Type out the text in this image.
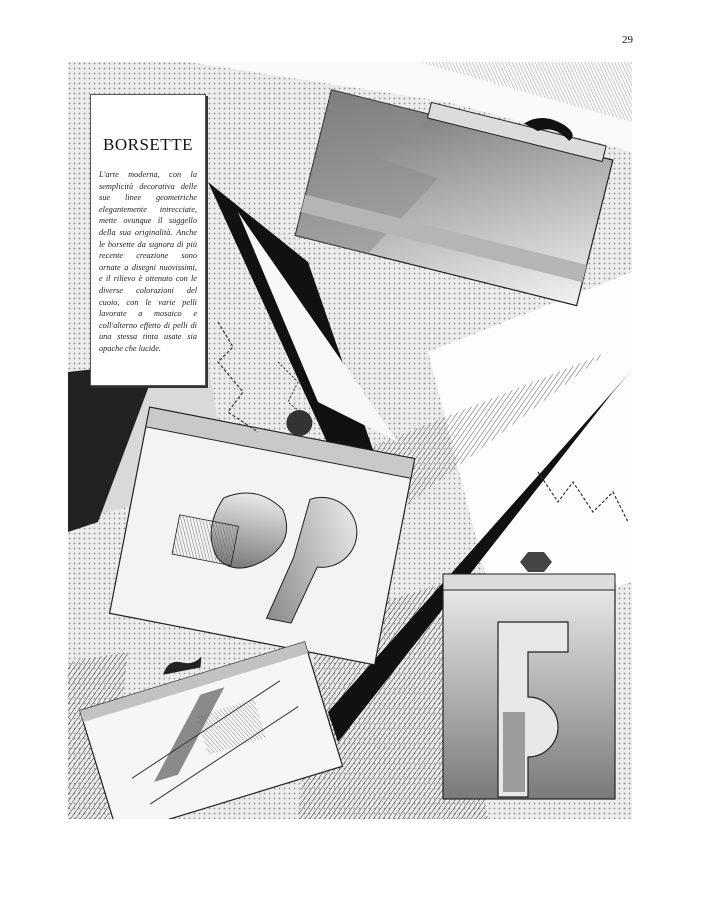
29
BORSETTE
L'arte moderna, con la semplicità decorativa delle sue linee geometriche elegantemente intrecciate, mette ovunque il suggello della sua originalità. Anche le borsette da signora di più recente creazione sono ornate a disegni nuovissimi, e il rilievo è ottenuto con le diverse colorazioni del cuoio, con le varie pelli lavorate a mosaico e coll'alterno effetto di pelli di una stessa tinta usate sia opache che lucide.
